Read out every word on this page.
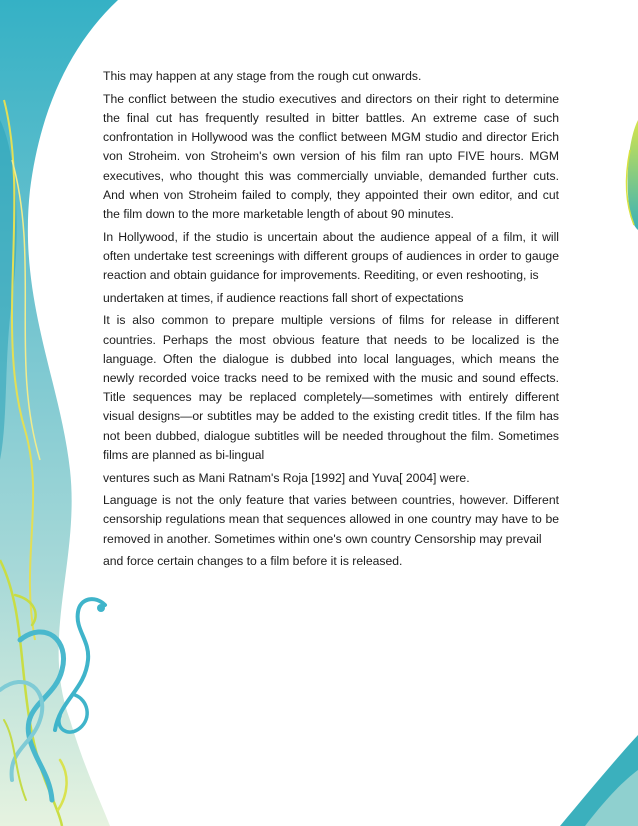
This may happen at any stage from the rough cut onwards.

The conflict between the studio executives and directors on their right to determine the final cut has frequently resulted in bitter battles. An extreme case of such confrontation in Hollywood was the conflict between MGM studio and director Erich von Stroheim. von Stroheim's own version of his film ran upto FIVE hours. MGM executives, who thought this was commercially unviable, demanded further cuts. And when von Stroheim failed to comply, they appointed their own editor, and cut the film down to the more marketable length of about 90 minutes.

In Hollywood, if the studio is uncertain about the audience appeal of a film, it will often undertake test screenings with different groups of audiences in order to gauge reaction and obtain guidance for improvements. Reediting, or even reshooting, is

undertaken at times, if audience reactions fall short of expectations

It is also common to prepare multiple versions of films for release in different countries. Perhaps the most obvious feature that needs to be localized is the language. Often the dialogue is dubbed into local languages, which means the newly recorded voice tracks need to be remixed with the music and sound effects. Title sequences may be replaced completely—sometimes with entirely different visual designs—or subtitles may be added to the existing credit titles. If the film has not been dubbed, dialogue subtitles will be needed throughout the film. Sometimes films are planned as bi-lingual

ventures such as Mani Ratnam's Roja [1992] and Yuva[ 2004] were.

Language is not the only feature that varies between countries, however. Different censorship regulations mean that sequences allowed in one country may have to be removed in another. Sometimes within one's own country Censorship may prevail

and force certain changes to a film before it is released.
